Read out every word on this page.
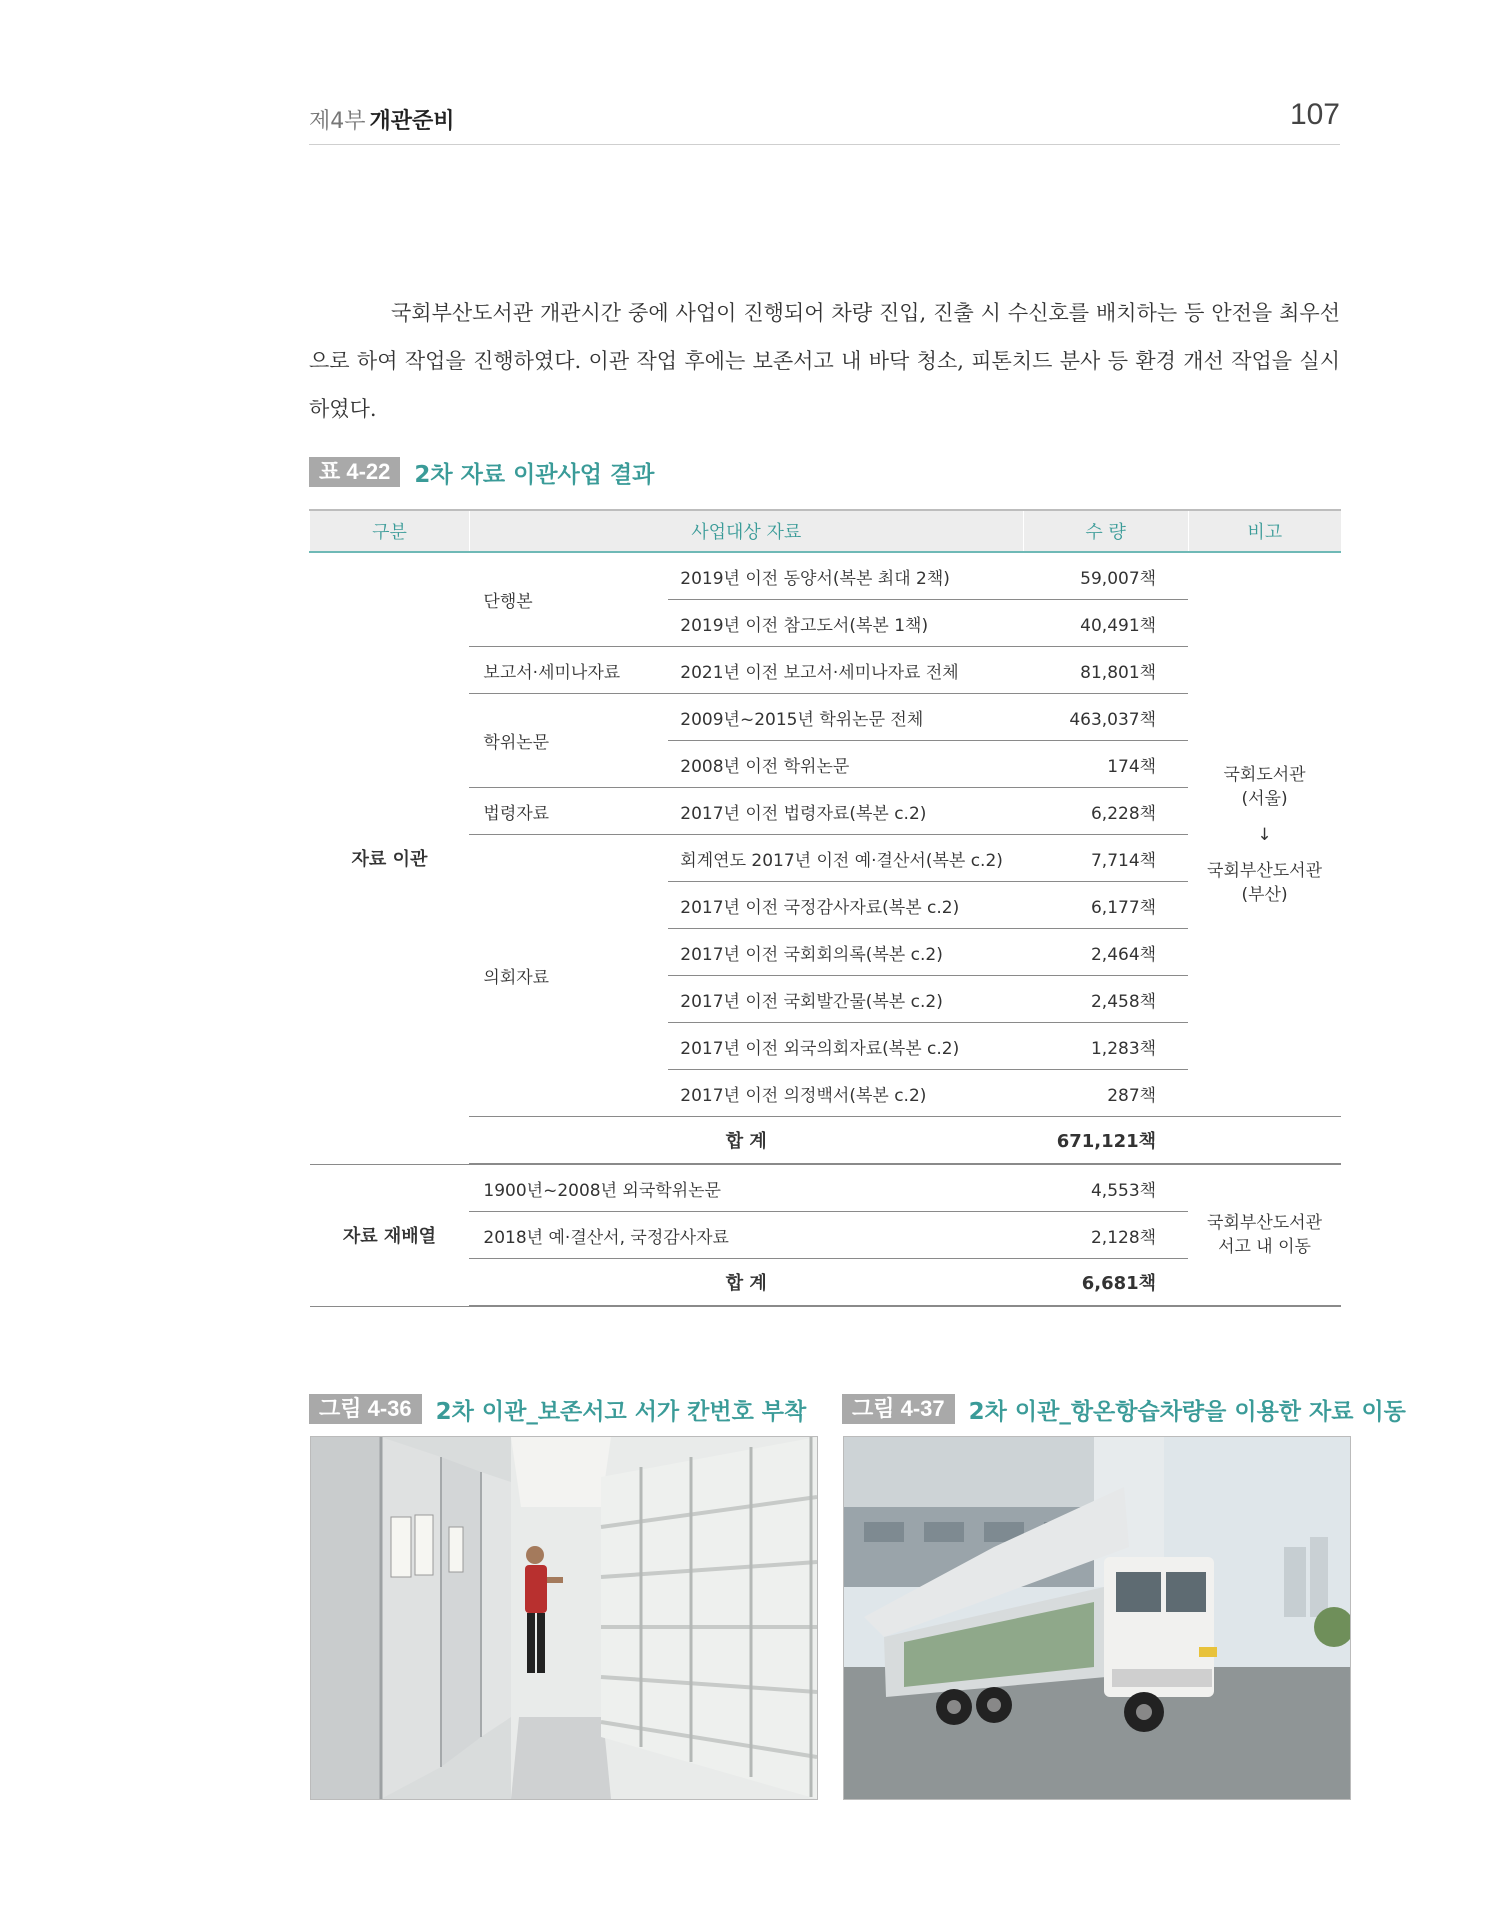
제4부 개관준비	107

국회부산도서관 개관시간 중에 사업이 진행되어 차량 진입, 진출 시 수신호를 배치하는 등 안전을 최우선으로 하여 작업을 진행하였다. 이관 작업 후에는 보존서고 내 바닥 청소, 피톤치드 분사 등 환경 개선 작업을 실시하였다.

표 4-22	2차 자료 이관사업 결과
구분	사업대상 자료		수 량	비고
자료 이관	단행본	2019년 이전 동양서(복본 최대 2책)	59,007책	국회도서관
(서울)
↓
국회부산도서관
(부산)

		2019년 이전 참고도서(복본 1책)	40,491책	
	보고서·세미나자료	2021년 이전 보고서·세미나자료 전체	81,801책	
	학위논문	2009년~2015년 학위논문 전체	463,037책	
		2008년 이전 학위논문	174책	
	법령자료	2017년 이전 법령자료(복본 c.2)	6,228책	
	의회자료	회계연도 2017년 이전 예·결산서(복본 c.2)	7,714책	
		2017년 이전 국정감사자료(복본 c.2)	6,177책	
		2017년 이전 국회회의록(복본 c.2)	2,464책	
		2017년 이전 국회발간물(복본 c.2)	2,458책	
		2017년 이전 외국의회자료(복본 c.2)	1,283책	
		2017년 이전 의정백서(복본 c.2)	287책	
	합 계		671,121책	
자료 재배열	1900년~2008년 외국학위논문		4,553책	국회부산도서관
서고 내 이동

	2018년 예·결산서, 국정감사자료		2,128책	
	합 계		6,681책	
그림 4-36	2차 이관_보존서고 서가 칸번호 부착	그림 4-37	2차 이관_항온항습차량을 이용한 자료 이동
